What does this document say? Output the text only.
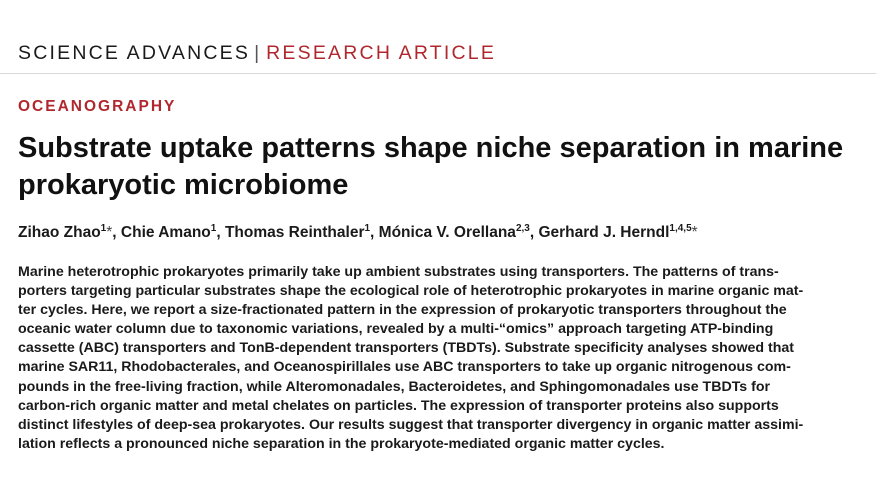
SCIENCE ADVANCES | RESEARCH ARTICLE
OCEANOGRAPHY
Substrate uptake patterns shape niche separation in marine prokaryotic microbiome
Zihao Zhao$^1$*, Chie Amano$^1$, Thomas Reinthaler$^1$, Mónica V. Orellana$^{2,3}$, Gerhard J. Herndl$^{1,4,5}$*
Marine heterotrophic prokaryotes primarily take up ambient substrates using transporters. The patterns of trans-
porters targeting particular substrates shape the ecological role of heterotrophic prokaryotes in marine organic mat-
ter cycles. Here, we report a size-fractionated pattern in the expression of prokaryotic transporters throughout the
oceanic water column due to taxonomic variations, revealed by a multi-“omics” approach targeting ATP-binding
cassette (ABC) transporters and TonB-dependent transporters (TBDTs). Substrate specificity analyses showed that
marine SAR11, Rhodobacterales, and Oceanospirillales use ABC transporters to take up organic nitrogenous com-
pounds in the free-living fraction, while Alteromonadales, Bacteroidetes, and Sphingomonadales use TBDTs for
carbon-rich organic matter and metal chelates on particles. The expression of transporter proteins also supports
distinct lifestyles of deep-sea prokaryotes. Our results suggest that transporter divergency in organic matter assimi-
lation reflects a pronounced niche separation in the prokaryote-mediated organic matter cycles.
